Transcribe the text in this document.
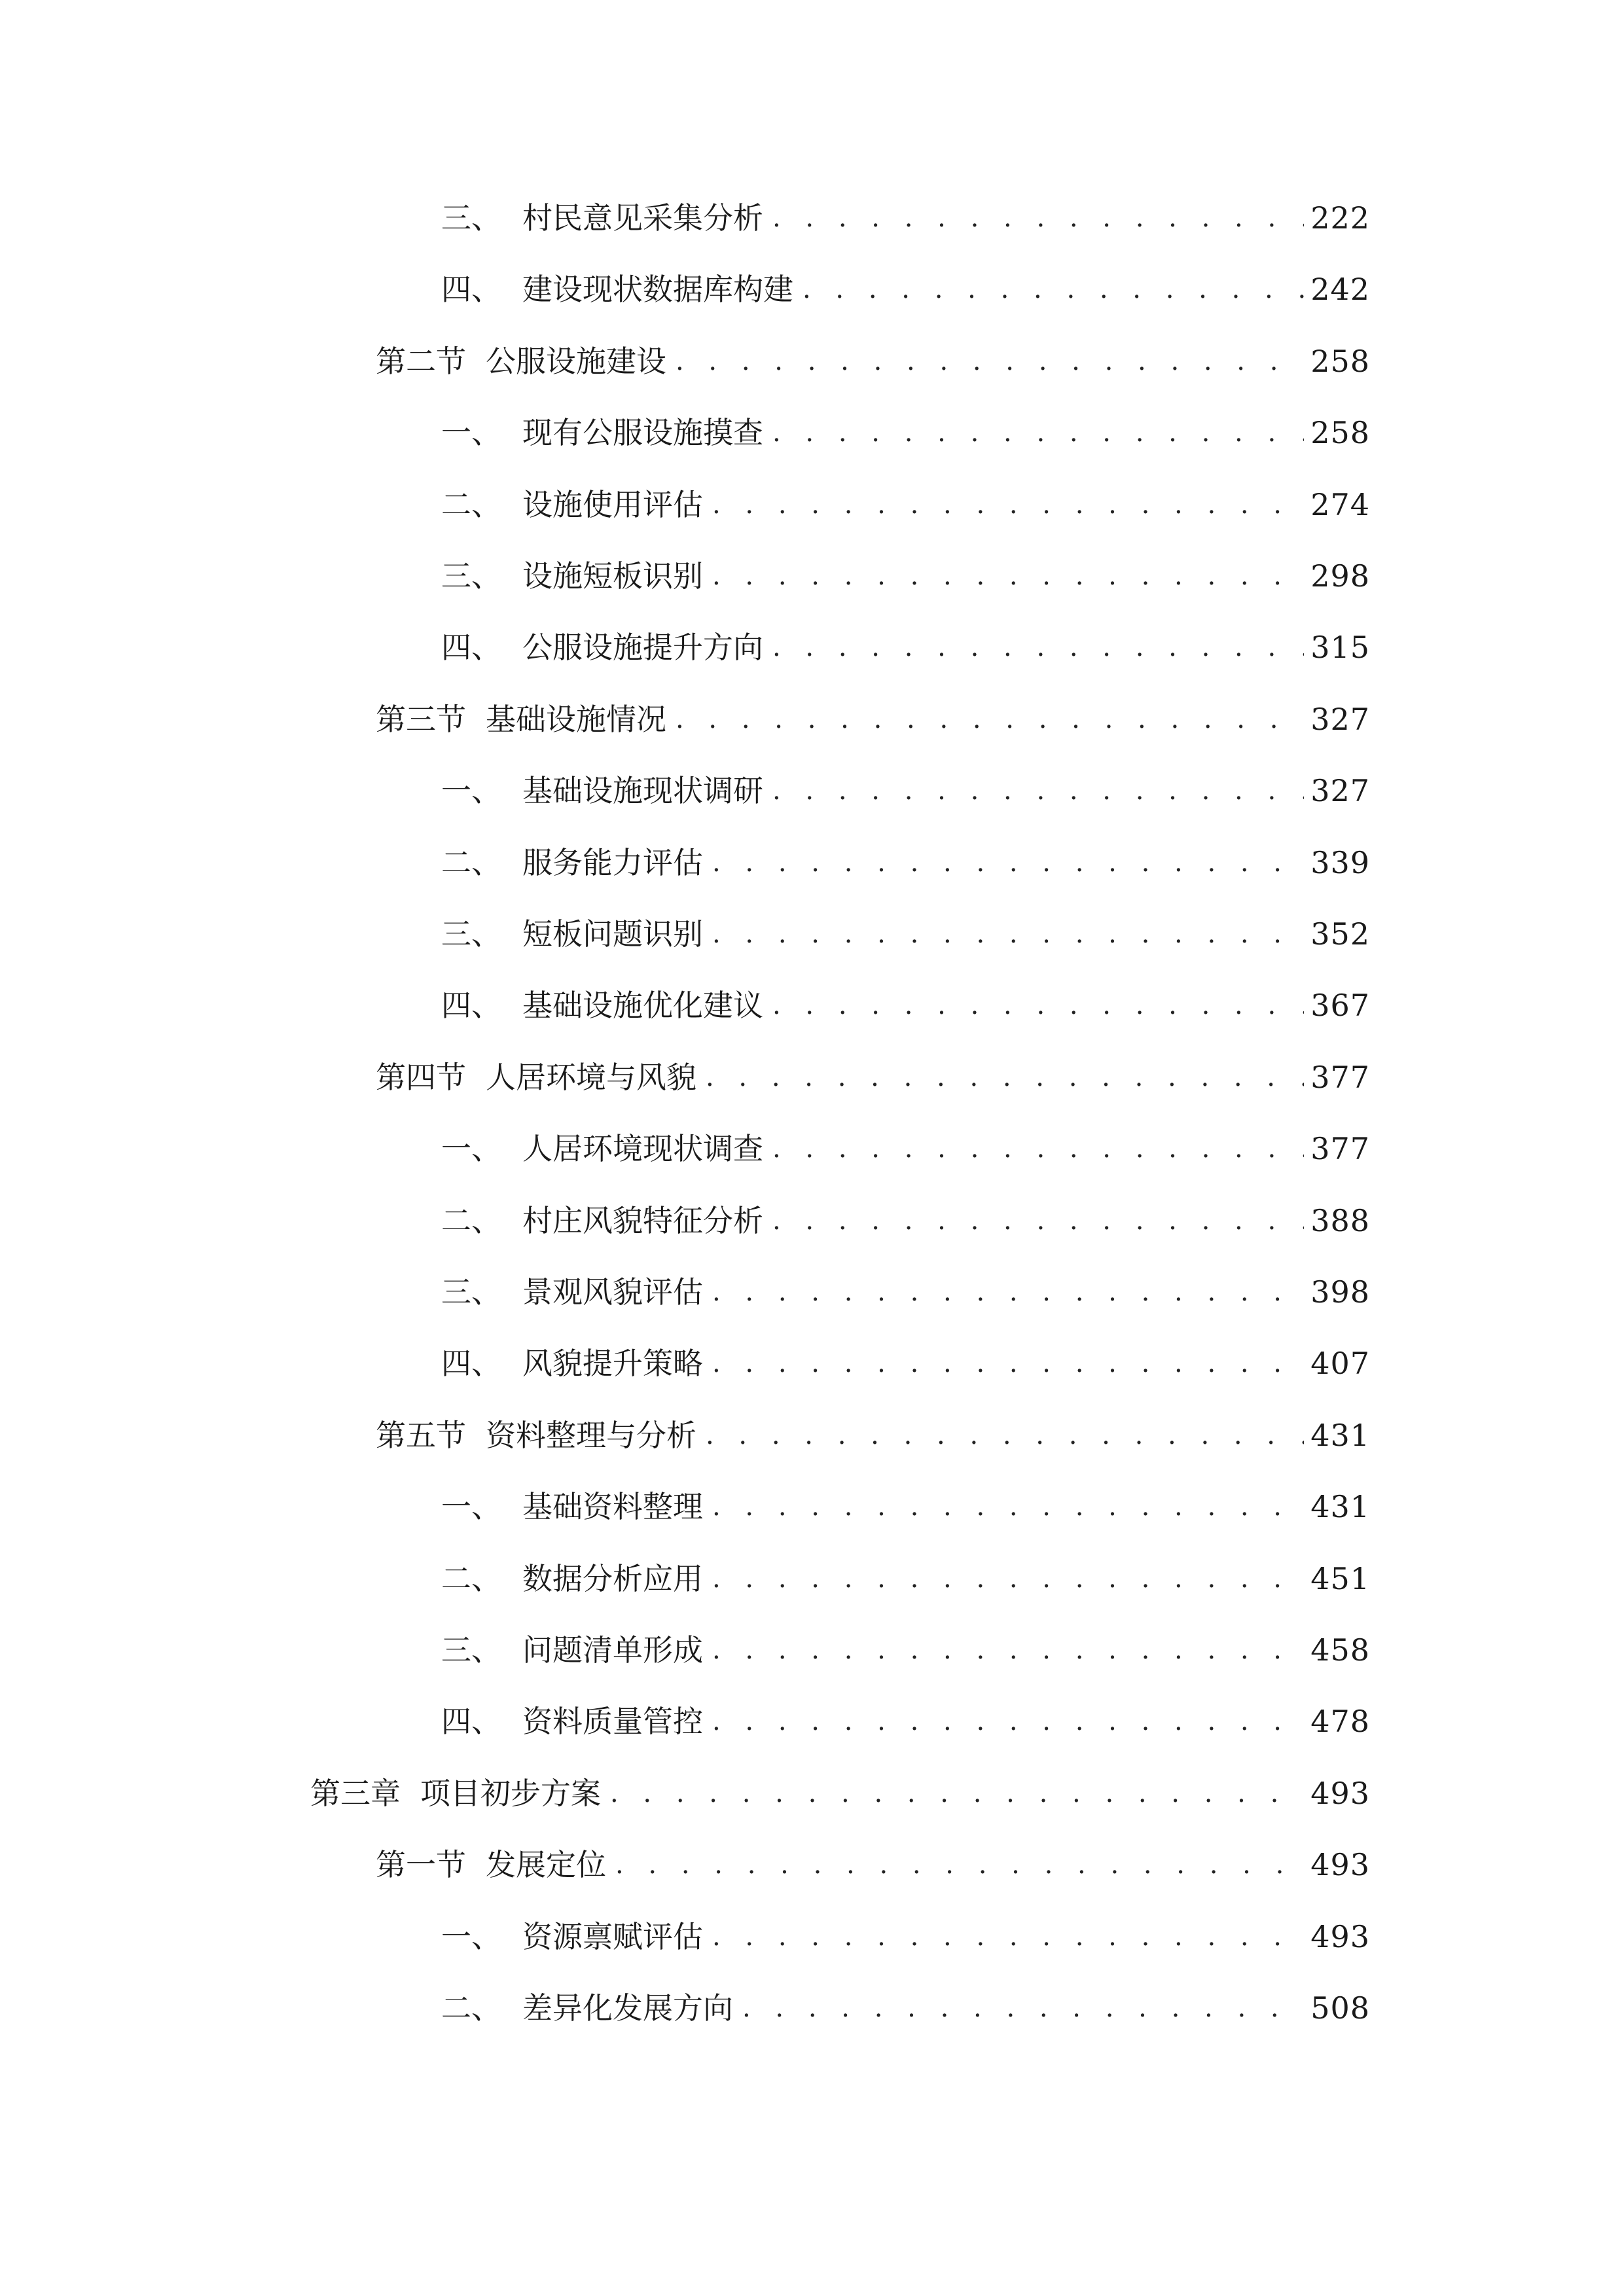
三、 村民意见采集分析 . . .	222
四、 建设现状数据库构建 . . .	242
第二节 公服设施建设 . . .	258
一、 现有公服设施摸查 . . .	258
二、 设施使用评估 . . .	274
三、 设施短板识别 . . .	298
四、 公服设施提升方向 . . .	315
第三节 基础设施情况 . . .	327
一、 基础设施现状调研 . . .	327
二、 服务能力评估 . . .	339
三、 短板问题识别 . . .	352
四、 基础设施优化建议 . . .	367
第四节 人居环境与风貌 . . .	377
一、 人居环境现状调查 . . .	377
二、 村庄风貌特征分析 . . .	388
三、 景观风貌评估 . . .	398
四、 风貌提升策略 . . .	407
第五节 资料整理与分析 . . .	431
一、 基础资料整理 . . .	431
二、 数据分析应用 . . .	451
三、 问题清单形成 . . .	458
四、 资料质量管控 . . .	478
第三章 项目初步方案 . . .	493
第一节 发展定位 . . .	493
一、 资源禀赋评估 . . .	493
二、 差异化发展方向 . . .	508
